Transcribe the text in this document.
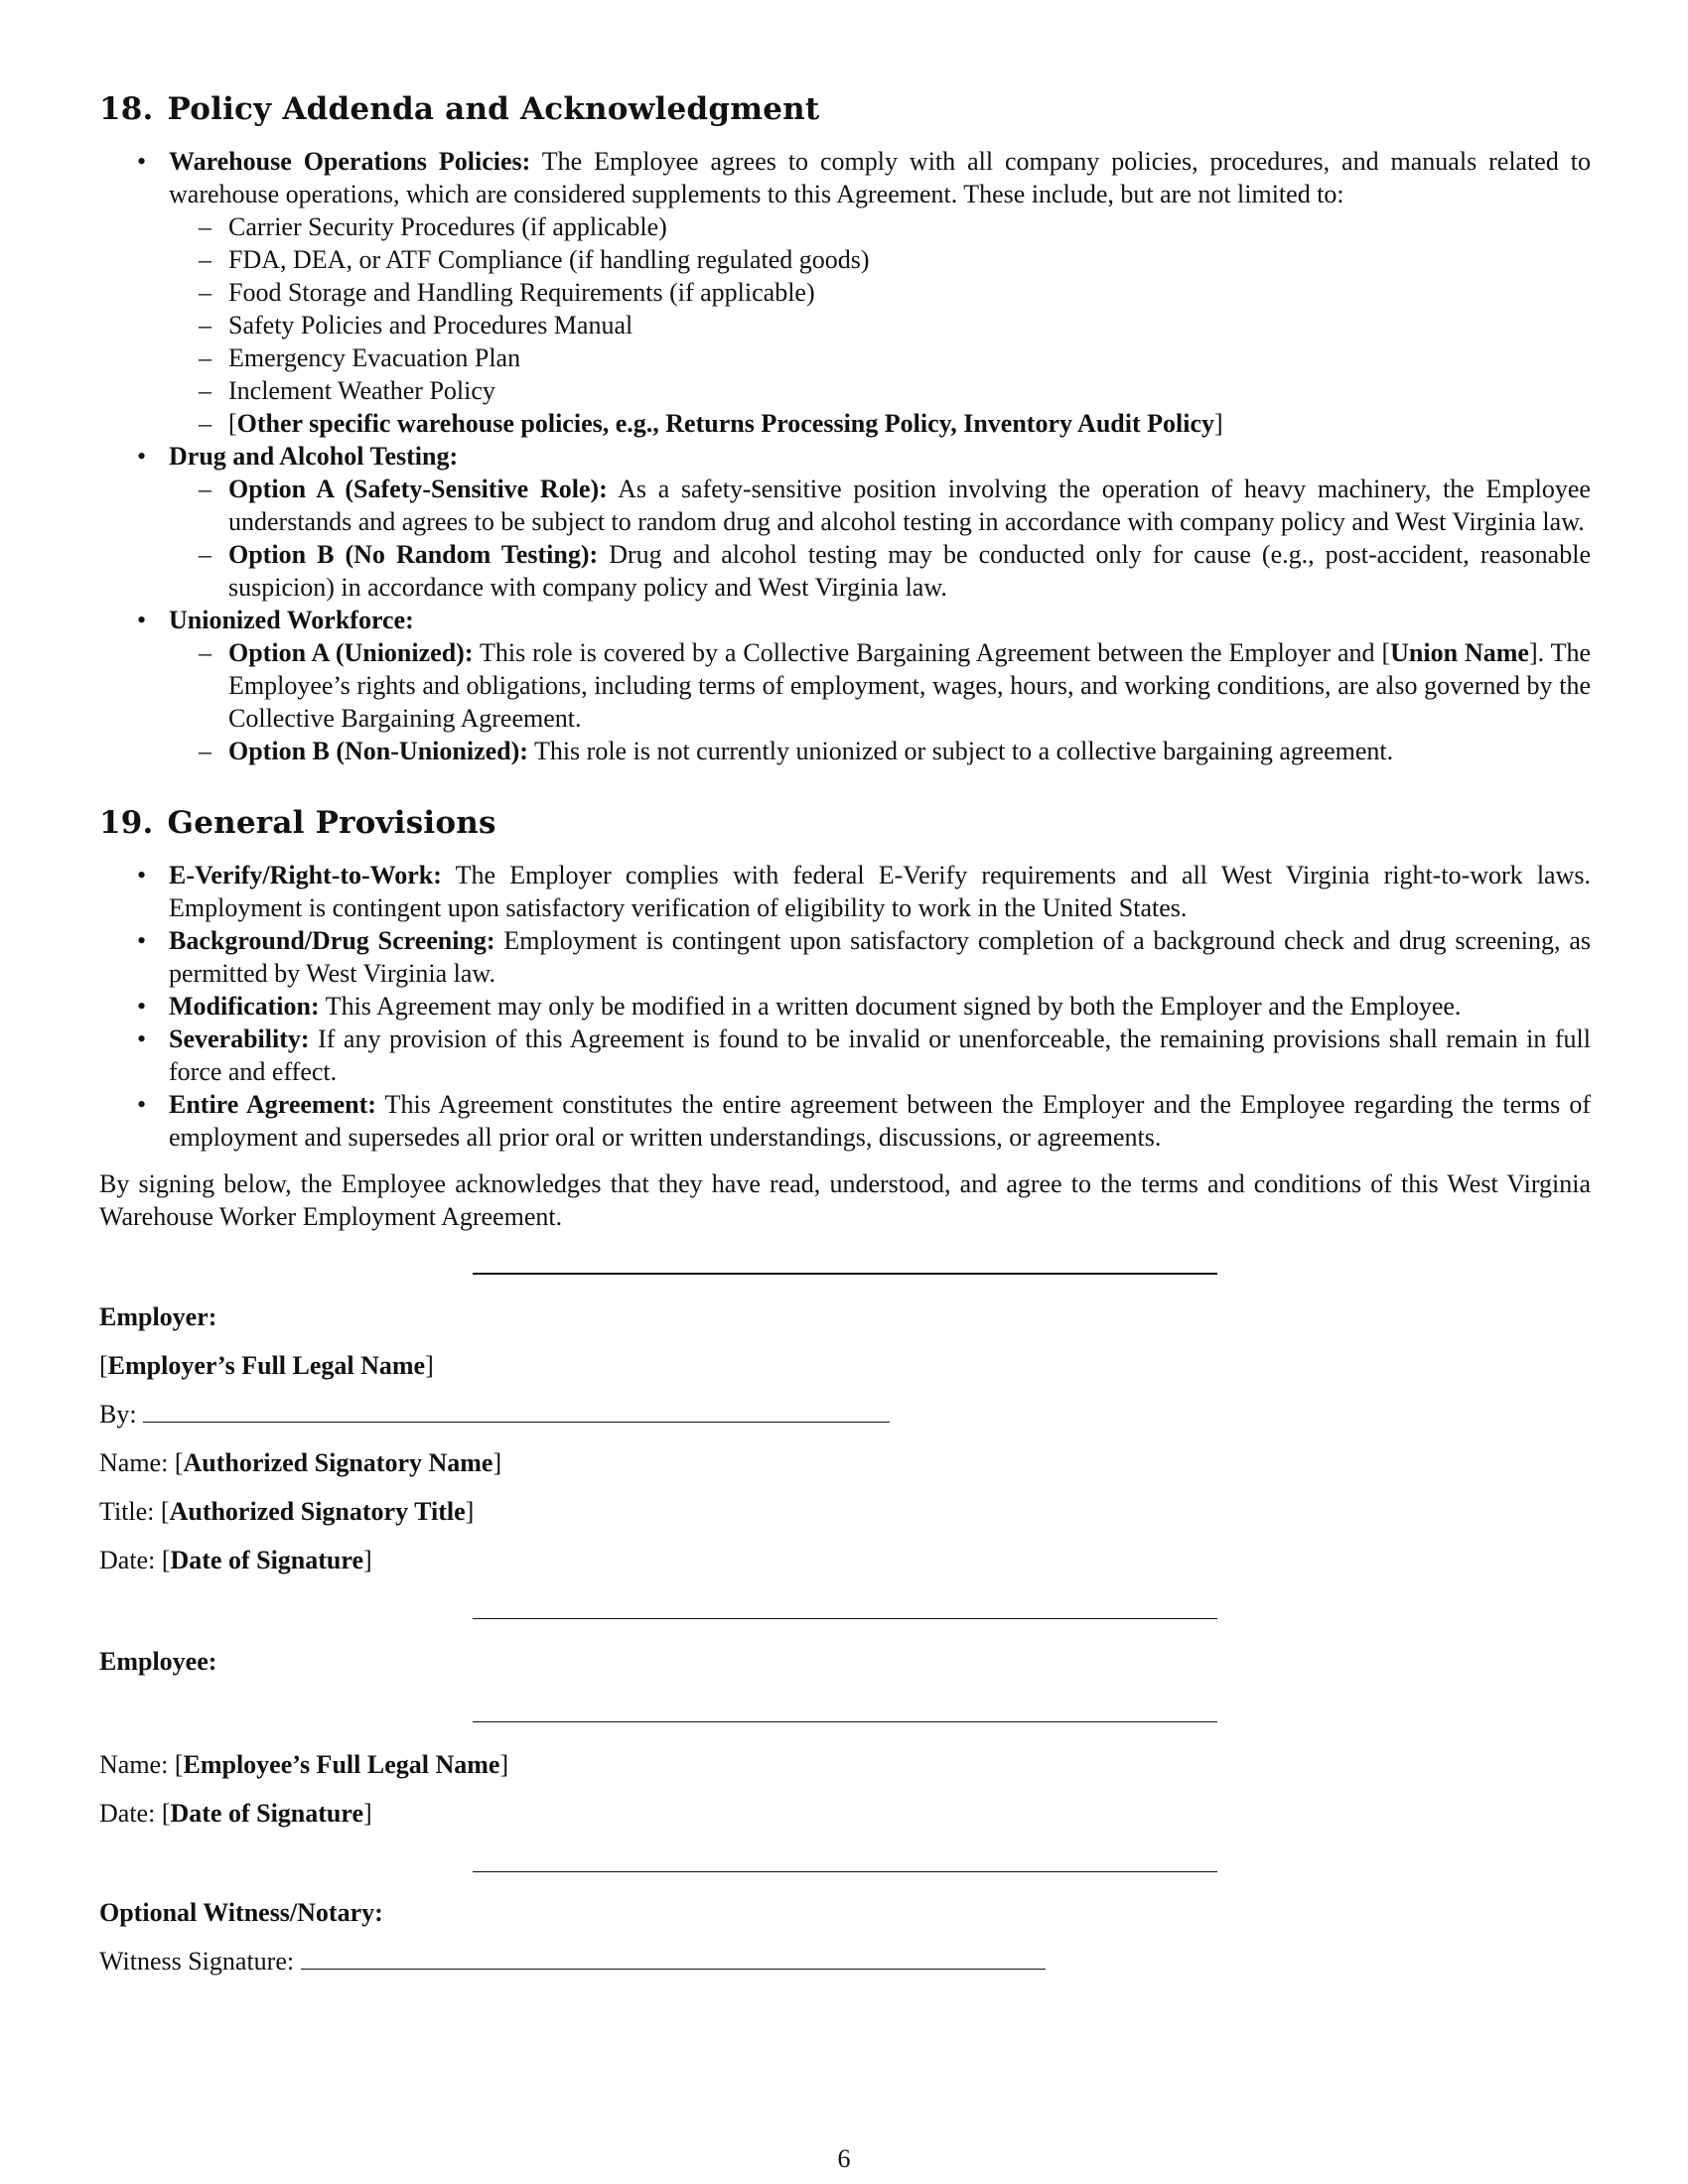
18. Policy Addenda and Acknowledgment
• Warehouse Operations Policies: The Employee agrees to comply with all company policies, procedures, and manuals related to warehouse operations, which are considered supplements to this Agreement. These include, but are not limited to:
– Carrier Security Procedures (if applicable)
– FDA, DEA, or ATF Compliance (if handling regulated goods)
– Food Storage and Handling Requirements (if applicable)
– Safety Policies and Procedures Manual
– Emergency Evacuation Plan
– Inclement Weather Policy
– [Other specific warehouse policies, e.g., Returns Processing Policy, Inventory Audit Policy]
• Drug and Alcohol Testing:
– Option A (Safety-Sensitive Role): As a safety-sensitive position involving the operation of heavy machinery, the Employee understands and agrees to be subject to random drug and alcohol testing in accordance with company policy and West Virginia law.
– Option B (No Random Testing): Drug and alcohol testing may be conducted only for cause (e.g., post-accident, reasonable suspicion) in accordance with company policy and West Virginia law.
• Unionized Workforce:
– Option A (Unionized): This role is covered by a Collective Bargaining Agreement between the Employer and [Union Name]. The Employee’s rights and obligations, including terms of employment, wages, hours, and working conditions, are also governed by the Collective Bargaining Agreement.
– Option B (Non-Unionized): This role is not currently unionized or subject to a collective bargaining agreement.
19. General Provisions
• E-Verify/Right-to-Work: The Employer complies with federal E-Verify requirements and all West Virginia right-to-work laws. Employment is contingent upon satisfactory verification of eligibility to work in the United States.
• Background/Drug Screening: Employment is contingent upon satisfactory completion of a background check and drug screening, as permitted by West Virginia law.
• Modification: This Agreement may only be modified in a written document signed by both the Employer and the Employee.
• Severability: If any provision of this Agreement is found to be invalid or unenforceable, the remaining provisions shall remain in full force and effect.
• Entire Agreement: This Agreement constitutes the entire agreement between the Employer and the Employee regarding the terms of employment and supersedes all prior oral or written understandings, discussions, or agreements.
By signing below, the Employee acknowledges that they have read, understood, and agree to the terms and conditions of this West Virginia Warehouse Worker Employment Agreement.
Employer:
[Employer’s Full Legal Name]
By:
Name: [Authorized Signatory Name]
Title: [Authorized Signatory Title]
Date: [Date of Signature]
Employee:
Name: [Employee’s Full Legal Name]
Date: [Date of Signature]
Optional Witness/Notary:
Witness Signature:
6
